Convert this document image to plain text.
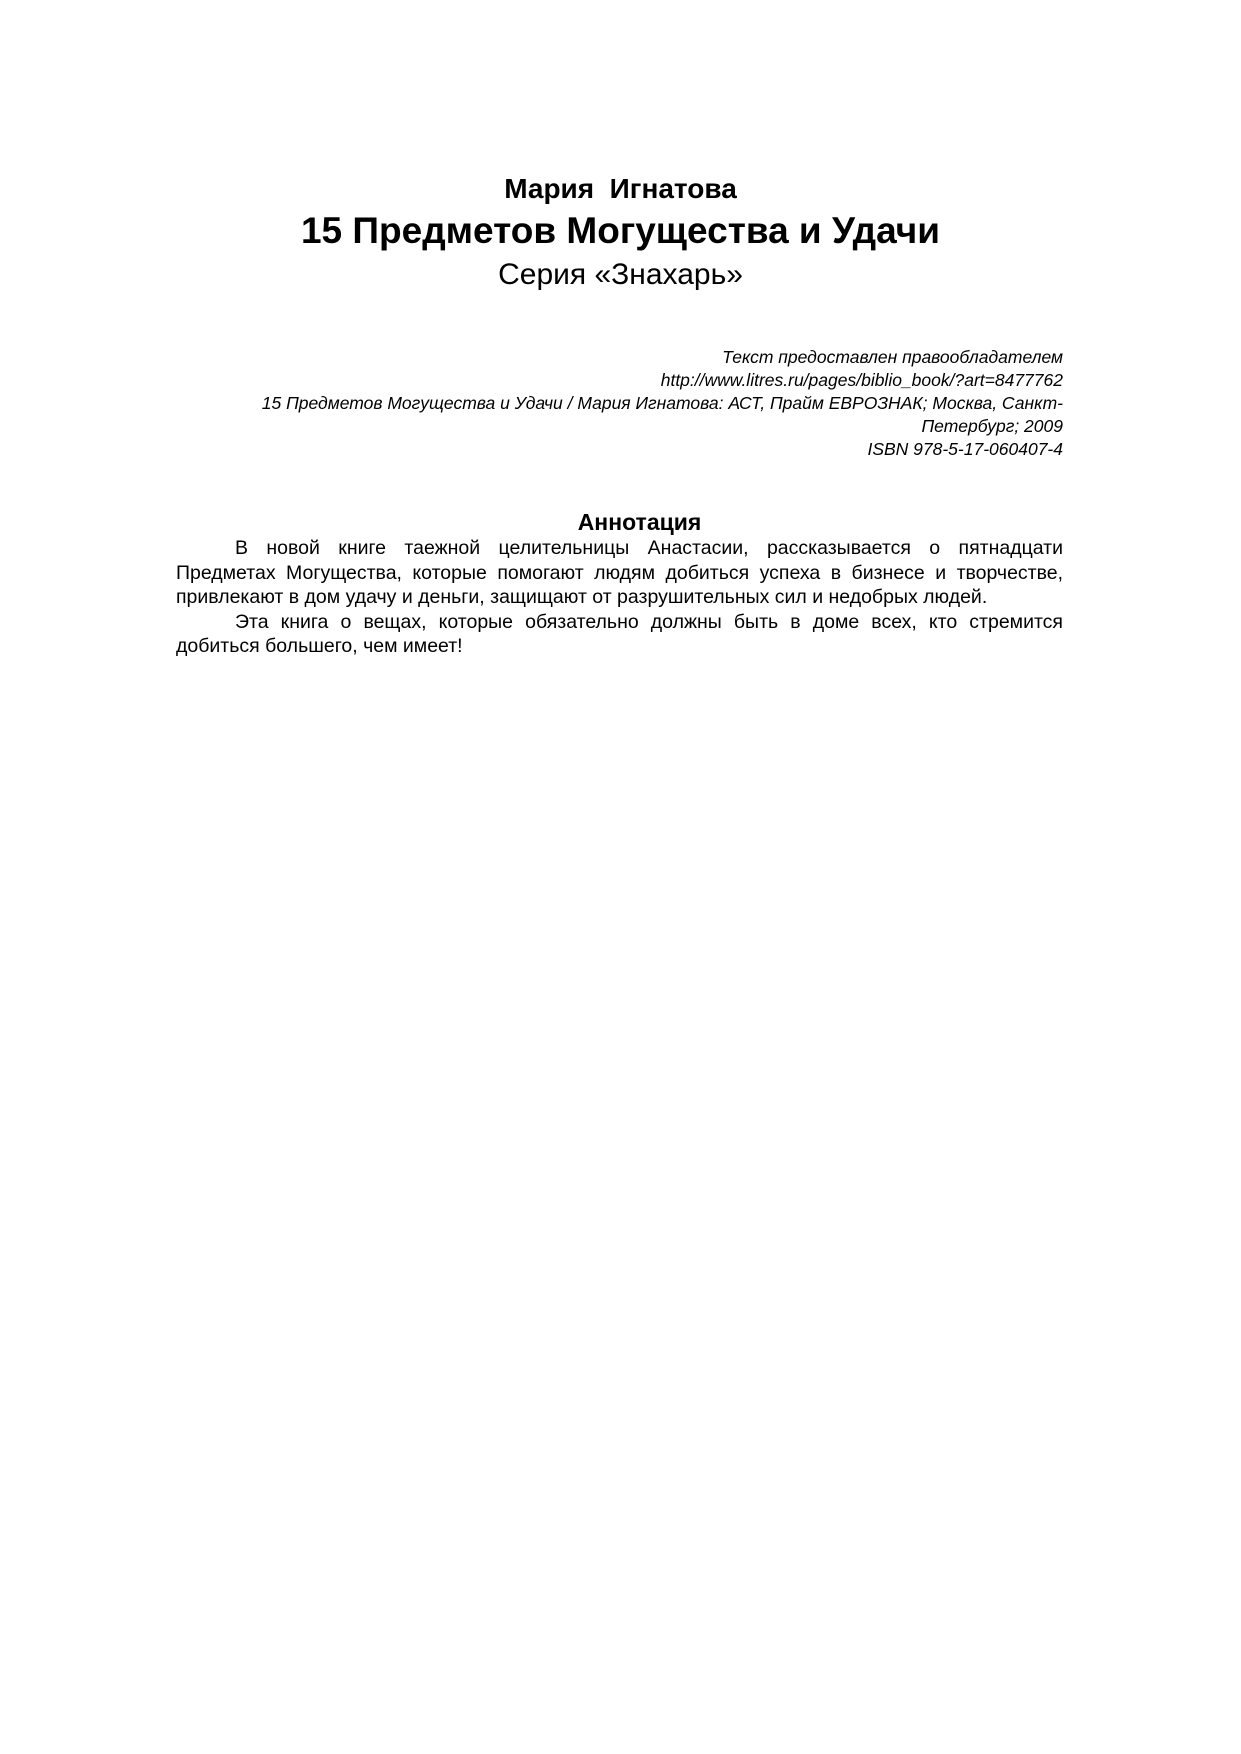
Мария  Игнатова
15 Предметов Могущества и Удачи
Серия «Знахарь»
Текст предоставлен правообладателем
http://www.litres.ru/pages/biblio_book/?art=8477762
15 Предметов Могущества и Удачи / Мария Игнатова: АСТ, Прайм ЕВРОЗНАК; Москва, Санкт-Петербург; 2009
ISBN 978-5-17-060407-4
Аннотация

В новой книге таежной целительницы Анастасии, рассказывается о пятнадцати Предметах Могущества, которые помогают людям добиться успеха в бизнесе и творчестве, привлекают в дом удачу и деньги, защищают от разрушительных сил и недобрых людей.

Эта книга о вещах, которые обязательно должны быть в доме всех, кто стремится добиться большего, чем имеет!
